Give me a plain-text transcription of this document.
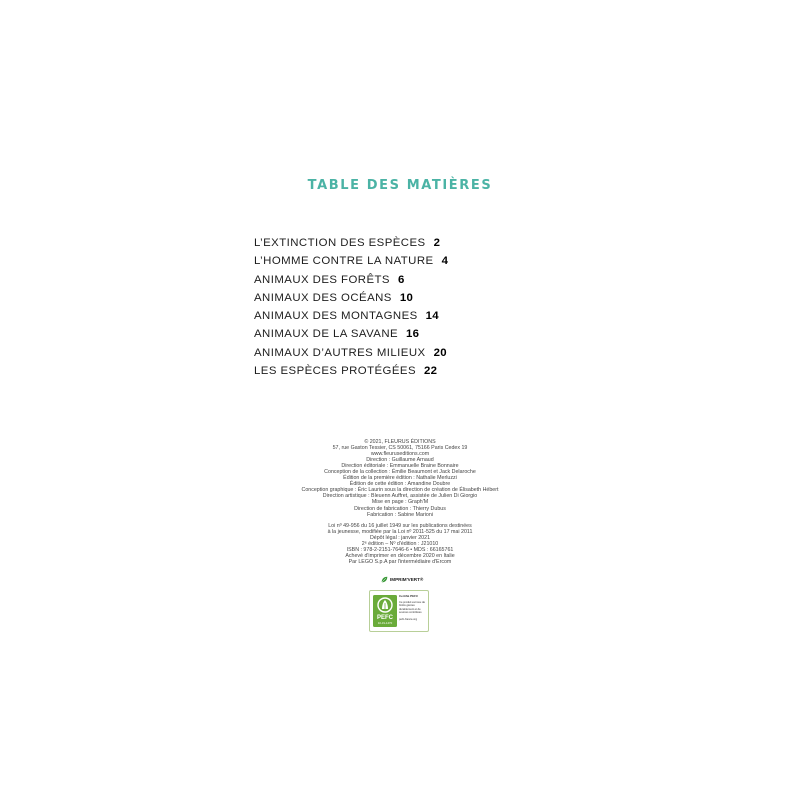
TABLE DES MATIÈRES
L’EXTINCTION DES ESPÈCES 2
L’HOMME CONTRE LA NATURE 4
ANIMAUX DES FORÊTS 6
ANIMAUX DES OCÉANS 10
ANIMAUX DES MONTAGNES 14
ANIMAUX DE LA SAVANE 16
ANIMAUX D’AUTRES MILIEUX 20
LES ESPÈCES PROTÉGÉES 22
© 2021, FLEURUS ÉDITIONS
57, rue Gaston Tessier, CS 50061, 75166 Paris Cedex 19
www.fleuruseditions.com
Direction : Guillaume Arnaud
Direction éditoriale : Emmanuelle Braine Bonnaire
Conception de la collection : Émilie Beaumont et Jack Delaroche
Édition de la première édition : Nathalie Merluzzi
Édition de cette édition : Amandine Doubre
Conception graphique : Éric Laurin sous la direction de création de Élisabeth Hébert
Direction artistique : Bleuenn Auffret, assistée de Julien Di Giorgio
Mise en page : Graph'M
Direction de fabrication : Thierry Dubus
Fabrication : Sabine Marioni
Loi nº 49-956 du 16 juillet 1949 sur les publications destinées
à la jeunesse, modifiée par la Loi nº 2011-525 du 17 mai 2011
Dépôt légal : janvier 2021
2ᵉ édition – Nº d'édition : J21010
ISBN : 978-2-2151-7646-6 • MDS : 66165761
Achevé d'imprimer en décembre 2020 en Italie
Par LEGO S.p.A par l'intermédiaire d'Ercom
IMPRIM'VERT®
PEFC
10-31-1470
Certifié PEFC
Ce produit est issu de forêts gérées durablement et de sources contrôlées
pefc-france.org
